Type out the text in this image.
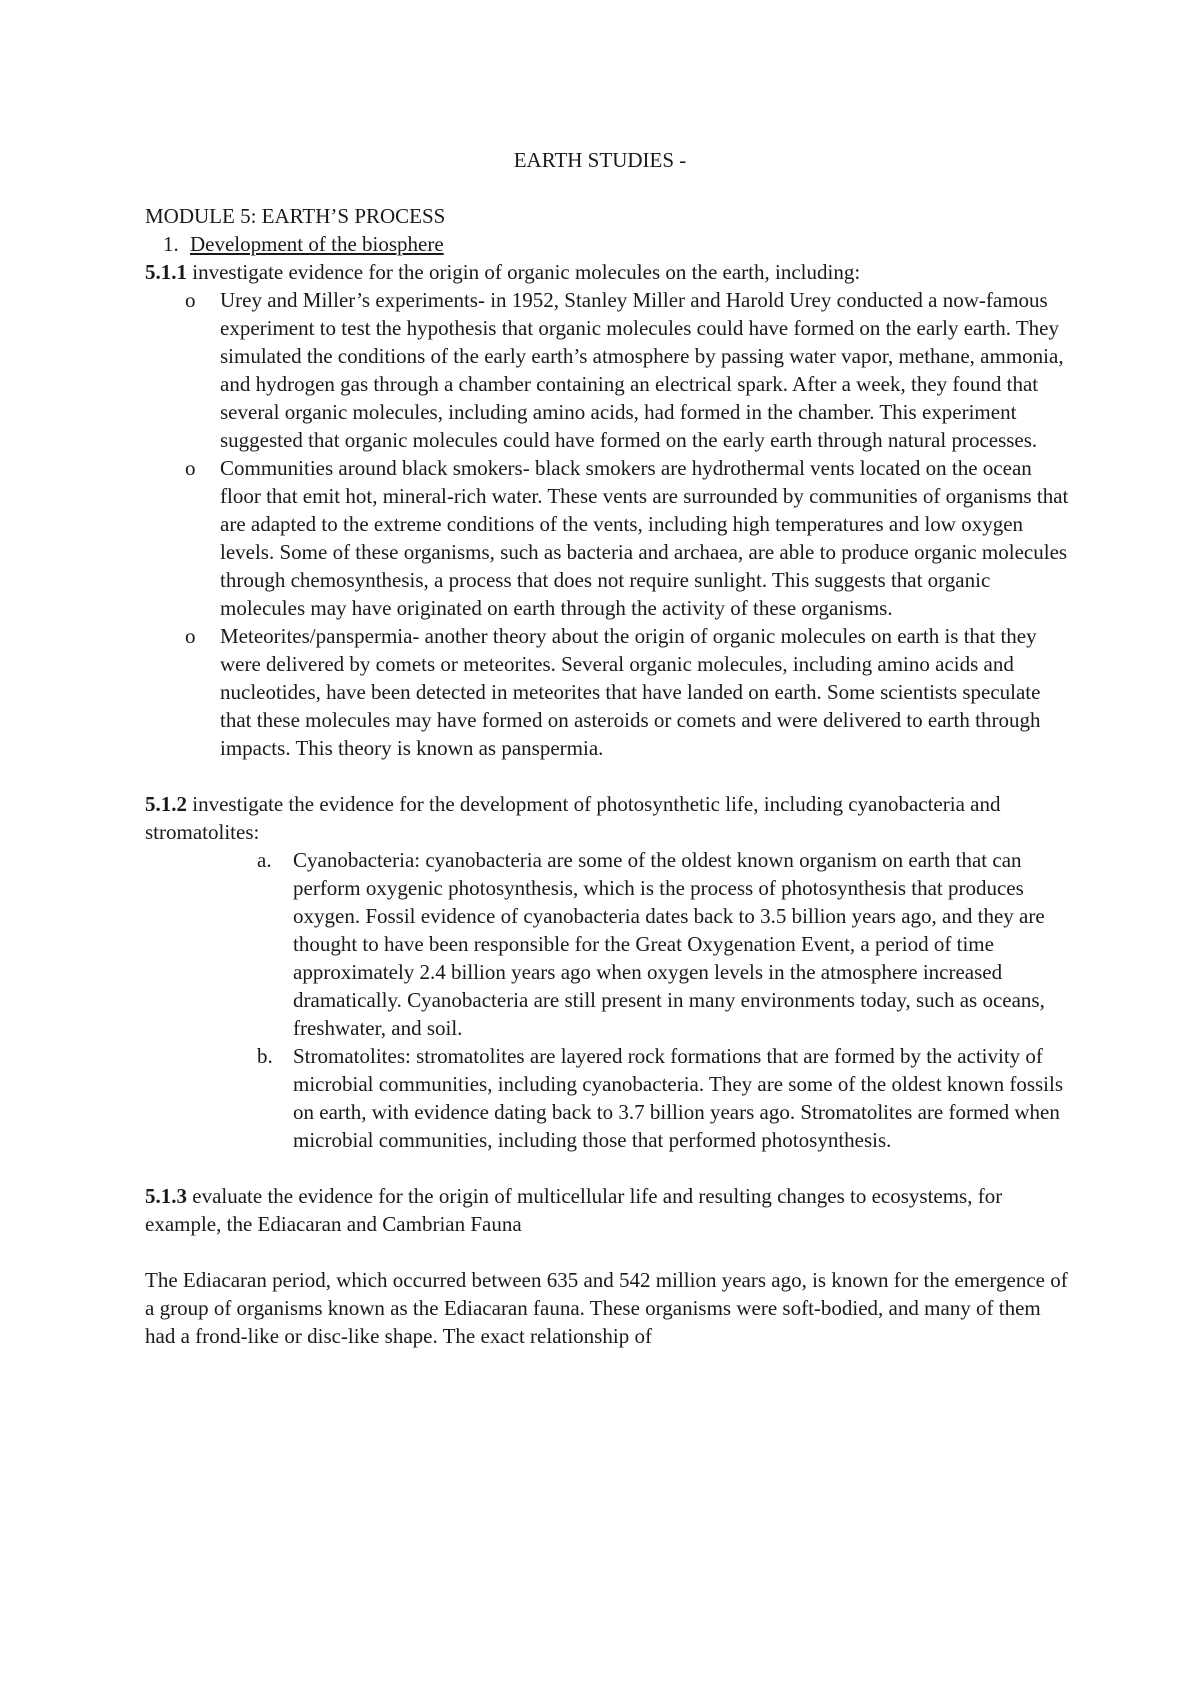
EARTH STUDIES -

MODULE 5: EARTH’S PROCESS

1. Development of the biosphere

5.1.1 investigate evidence for the origin of organic molecules on the earth, including:

o Urey and Miller’s experiments- in 1952, Stanley Miller and Harold Urey conducted a now-famous experiment to test the hypothesis that organic molecules could have formed on the early earth. They simulated the conditions of the early earth’s atmosphere by passing water vapor, methane, ammonia, and hydrogen gas through a chamber containing an electrical spark. After a week, they found that several organic molecules, including amino acids, had formed in the chamber. This experiment suggested that organic molecules could have formed on the early earth through natural processes.
o Communities around black smokers- black smokers are hydrothermal vents located on the ocean floor that emit hot, mineral-rich water. These vents are surrounded by communities of organisms that are adapted to the extreme conditions of the vents, including high temperatures and low oxygen levels. Some of these organisms, such as bacteria and archaea, are able to produce organic molecules through chemosynthesis, a process that does not require sunlight. This suggests that organic molecules may have originated on earth through the activity of these organisms.
o Meteorites/panspermia- another theory about the origin of organic molecules on earth is that they were delivered by comets or meteorites. Several organic molecules, including amino acids and nucleotides, have been detected in meteorites that have landed on earth. Some scientists speculate that these molecules may have formed on asteroids or comets and were delivered to earth through impacts. This theory is known as panspermia.

5.1.2 investigate the evidence for the development of photosynthetic life, including cyanobacteria and stromatolites:

a. Cyanobacteria: cyanobacteria are some of the oldest known organism on earth that can perform oxygenic photosynthesis, which is the process of photosynthesis that produces oxygen. Fossil evidence of cyanobacteria dates back to 3.5 billion years ago, and they are thought to have been responsible for the Great Oxygenation Event, a period of time approximately 2.4 billion years ago when oxygen levels in the atmosphere increased dramatically. Cyanobacteria are still present in many environments today, such as oceans, freshwater, and soil.
b. Stromatolites: stromatolites are layered rock formations that are formed by the activity of microbial communities, including cyanobacteria. They are some of the oldest known fossils on earth, with evidence dating back to 3.7 billion years ago. Stromatolites are formed when microbial communities, including those that performed photosynthesis.

5.1.3 evaluate the evidence for the origin of multicellular life and resulting changes to ecosystems, for example, the Ediacaran and Cambrian Fauna

The Ediacaran period, which occurred between 635 and 542 million years ago, is known for the emergence of a group of organisms known as the Ediacaran fauna. These organisms were soft-bodied, and many of them had a frond-like or disc-like shape. The exact relationship of
